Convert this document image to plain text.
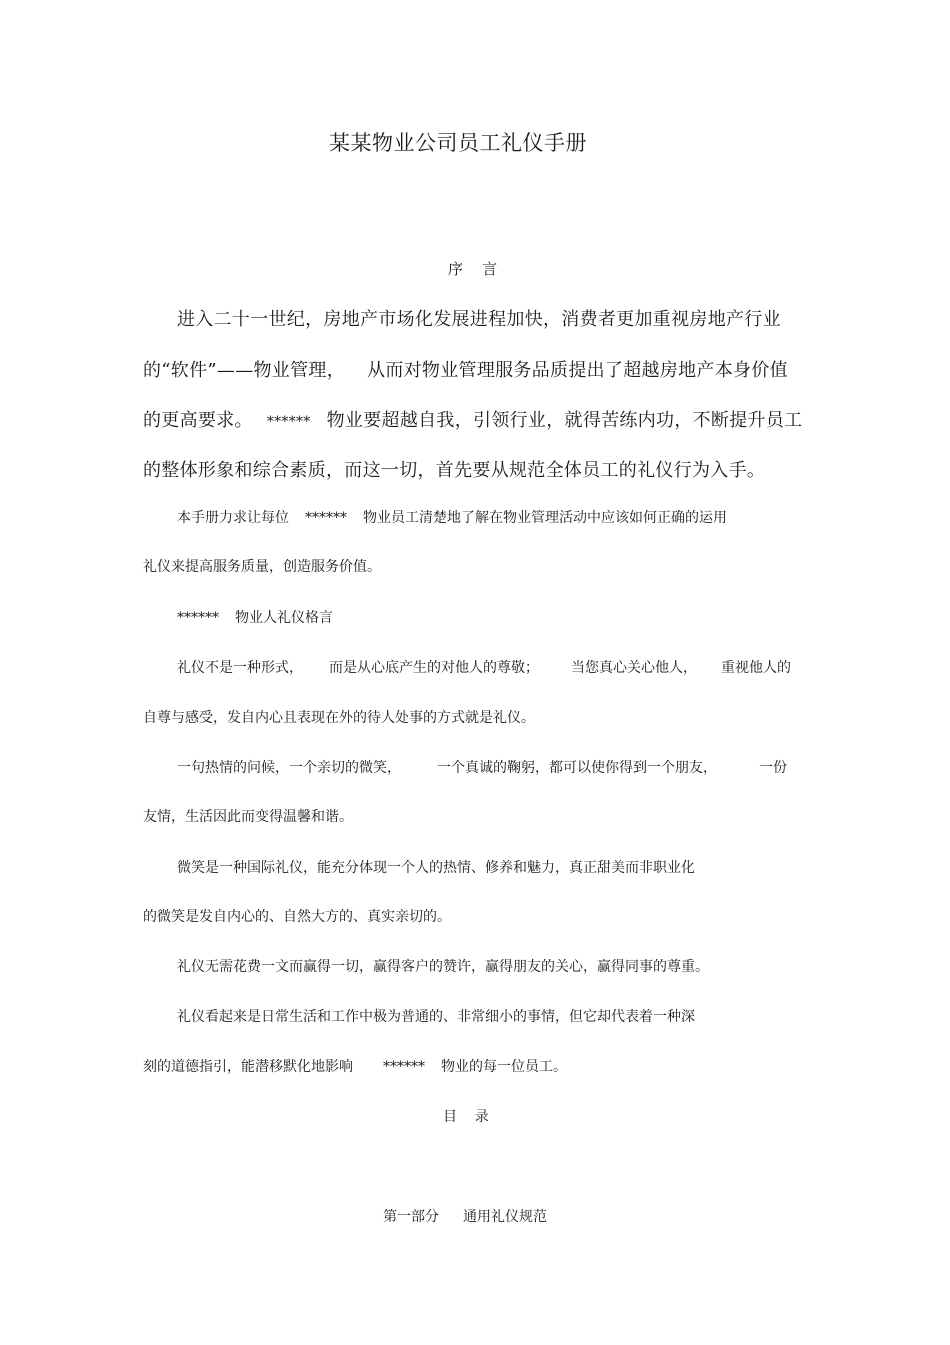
某某物业公司员工礼仪手册
序    言
进入二十一世纪，房地产市场化发展进程加快，消费者更加重视房地产行业
的“软件”——物业管理， 从而对物业管理服务品质提出了超越房地产本身价值
的更高要求。 ****** 物业要超越自我，引领行业，就得苦练内功，不断提升员工
的整体形象和综合素质，而这一切，首先要从规范全体员工的礼仪行为入手。
本手册力求让每位 ****** 物业员工清楚地了解在物业管理活动中应该如何正确的运用
礼仪来提高服务质量，创造服务价值。
****** 物业人礼仪格言
礼仪不是一种形式， 而是从心底产生的对他人的尊敬； 当您真心关心他人， 重视他人的
自尊与感受，发自内心且表现在外的待人处事的方式就是礼仪。
一句热情的问候，一个亲切的微笑，	一个真诚的鞠躬，都可以使你得到一个朋友，	一份
友情，生活因此而变得温馨和谐。
微笑是一种国际礼仪，能充分体现一个人的热情、修养和魅力，真正甜美而非职业化
的微笑是发自内心的、自然大方的、真实亲切的。
礼仪无需花费一文而赢得一切，赢得客户的赞许，赢得朋友的关心，赢得同事的尊重。
礼仪看起来是日常生活和工作中极为普通的、非常细小的事情，但它却代表着一种深
刻的道德指引，能潜移默化地影响 ****** 物业的每一位员工。
目    录
第一部分 通用礼仪规范
